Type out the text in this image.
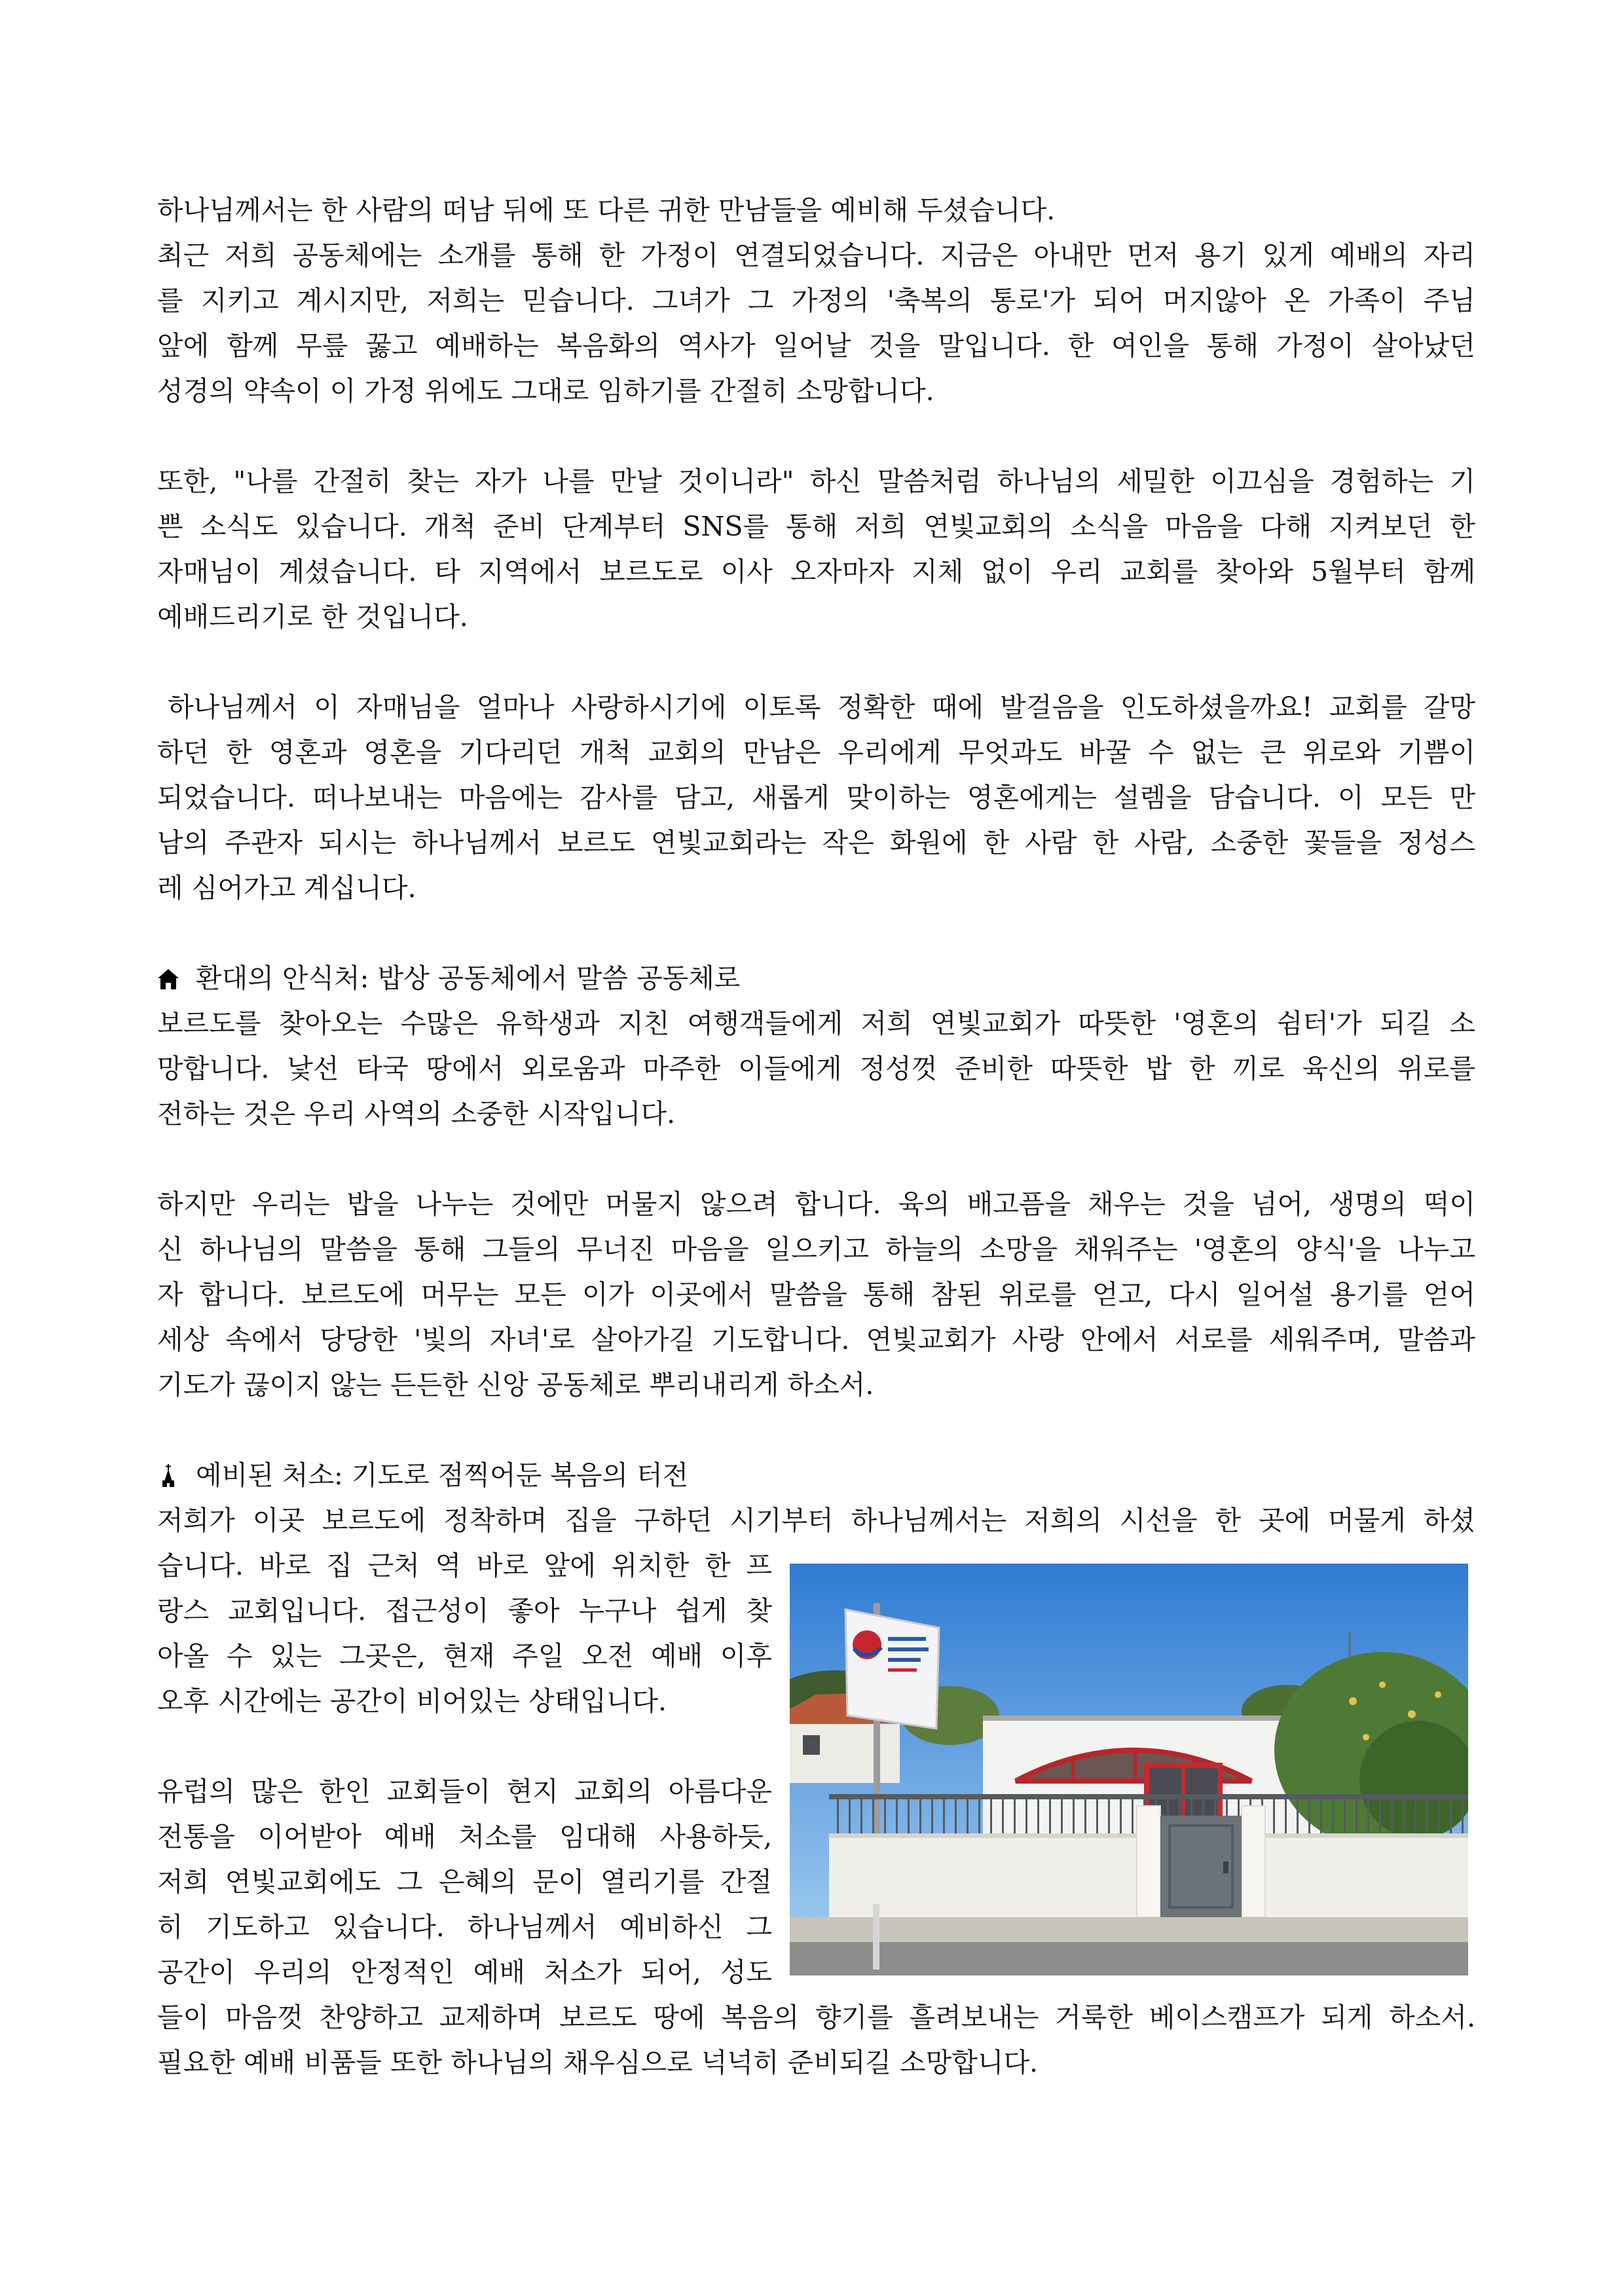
하나님께서는 한 사람의 떠남 뒤에 또 다른 귀한 만남들을 예비해 두셨습니다.
최근 저희 공동체에는 소개를 통해 한 가정이 연결되었습니다. 지금은 아내만 먼저 용기 있게 예배의 자리
를 지키고 계시지만, 저희는 믿습니다. 그녀가 그 가정의 '축복의 통로'가 되어 머지않아 온 가족이 주님
앞에 함께 무릎 꿇고 예배하는 복음화의 역사가 일어날 것을 말입니다. 한 여인을 통해 가정이 살아났던
성경의 약속이 이 가정 위에도 그대로 임하기를 간절히 소망합니다.
또한, "나를 간절히 찾는 자가 나를 만날 것이니라" 하신 말씀처럼 하나님의 세밀한 이끄심을 경험하는 기
쁜 소식도 있습니다. 개척 준비 단계부터 SNS를 통해 저희 연빛교회의 소식을 마음을 다해 지켜보던 한
자매님이 계셨습니다. 타 지역에서 보르도로 이사 오자마자 지체 없이 우리 교회를 찾아와 5월부터 함께
예배드리기로 한 것입니다.
하나님께서 이 자매님을 얼마나 사랑하시기에 이토록 정확한 때에 발걸음을 인도하셨을까요! 교회를 갈망
하던 한 영혼과 영혼을 기다리던 개척 교회의 만남은 우리에게 무엇과도 바꿀 수 없는 큰 위로와 기쁨이
되었습니다. 떠나보내는 마음에는 감사를 담고, 새롭게 맞이하는 영혼에게는 설렘을 담습니다. 이 모든 만
남의 주관자 되시는 하나님께서 보르도 연빛교회라는 작은 화원에 한 사람 한 사람, 소중한 꽃들을 정성스
레 심어가고 계십니다.
환대의 안식처: 밥상 공동체에서 말씀 공동체로
보르도를 찾아오는 수많은 유학생과 지친 여행객들에게 저희 연빛교회가 따뜻한 '영혼의 쉼터'가 되길 소
망합니다. 낯선 타국 땅에서 외로움과 마주한 이들에게 정성껏 준비한 따뜻한 밥 한 끼로 육신의 위로를
전하는 것은 우리 사역의 소중한 시작입니다.
하지만 우리는 밥을 나누는 것에만 머물지 않으려 합니다. 육의 배고픔을 채우는 것을 넘어, 생명의 떡이
신 하나님의 말씀을 통해 그들의 무너진 마음을 일으키고 하늘의 소망을 채워주는 '영혼의 양식'을 나누고
자 합니다. 보르도에 머무는 모든 이가 이곳에서 말씀을 통해 참된 위로를 얻고, 다시 일어설 용기를 얻어
세상 속에서 당당한 '빛의 자녀'로 살아가길 기도합니다. 연빛교회가 사랑 안에서 서로를 세워주며, 말씀과
기도가 끊이지 않는 든든한 신앙 공동체로 뿌리내리게 하소서.
예비된 처소: 기도로 점찍어둔 복음의 터전
저희가 이곳 보르도에 정착하며 집을 구하던 시기부터 하나님께서는 저희의 시선을 한 곳에 머물게 하셨
습니다. 바로 집 근처 역 바로 앞에 위치한 한 프
랑스 교회입니다. 접근성이 좋아 누구나 쉽게 찾
아올 수 있는 그곳은, 현재 주일 오전 예배 이후
오후 시간에는 공간이 비어있는 상태입니다.
유럽의 많은 한인 교회들이 현지 교회의 아름다운
전통을 이어받아 예배 처소를 임대해 사용하듯,
저희 연빛교회에도 그 은혜의 문이 열리기를 간절
히 기도하고 있습니다. 하나님께서 예비하신 그
공간이 우리의 안정적인 예배 처소가 되어, 성도
들이 마음껏 찬양하고 교제하며 보르도 땅에 복음의 향기를 흘려보내는 거룩한 베이스캠프가 되게 하소서.
필요한 예배 비품들 또한 하나님의 채우심으로 넉넉히 준비되길 소망합니다.
